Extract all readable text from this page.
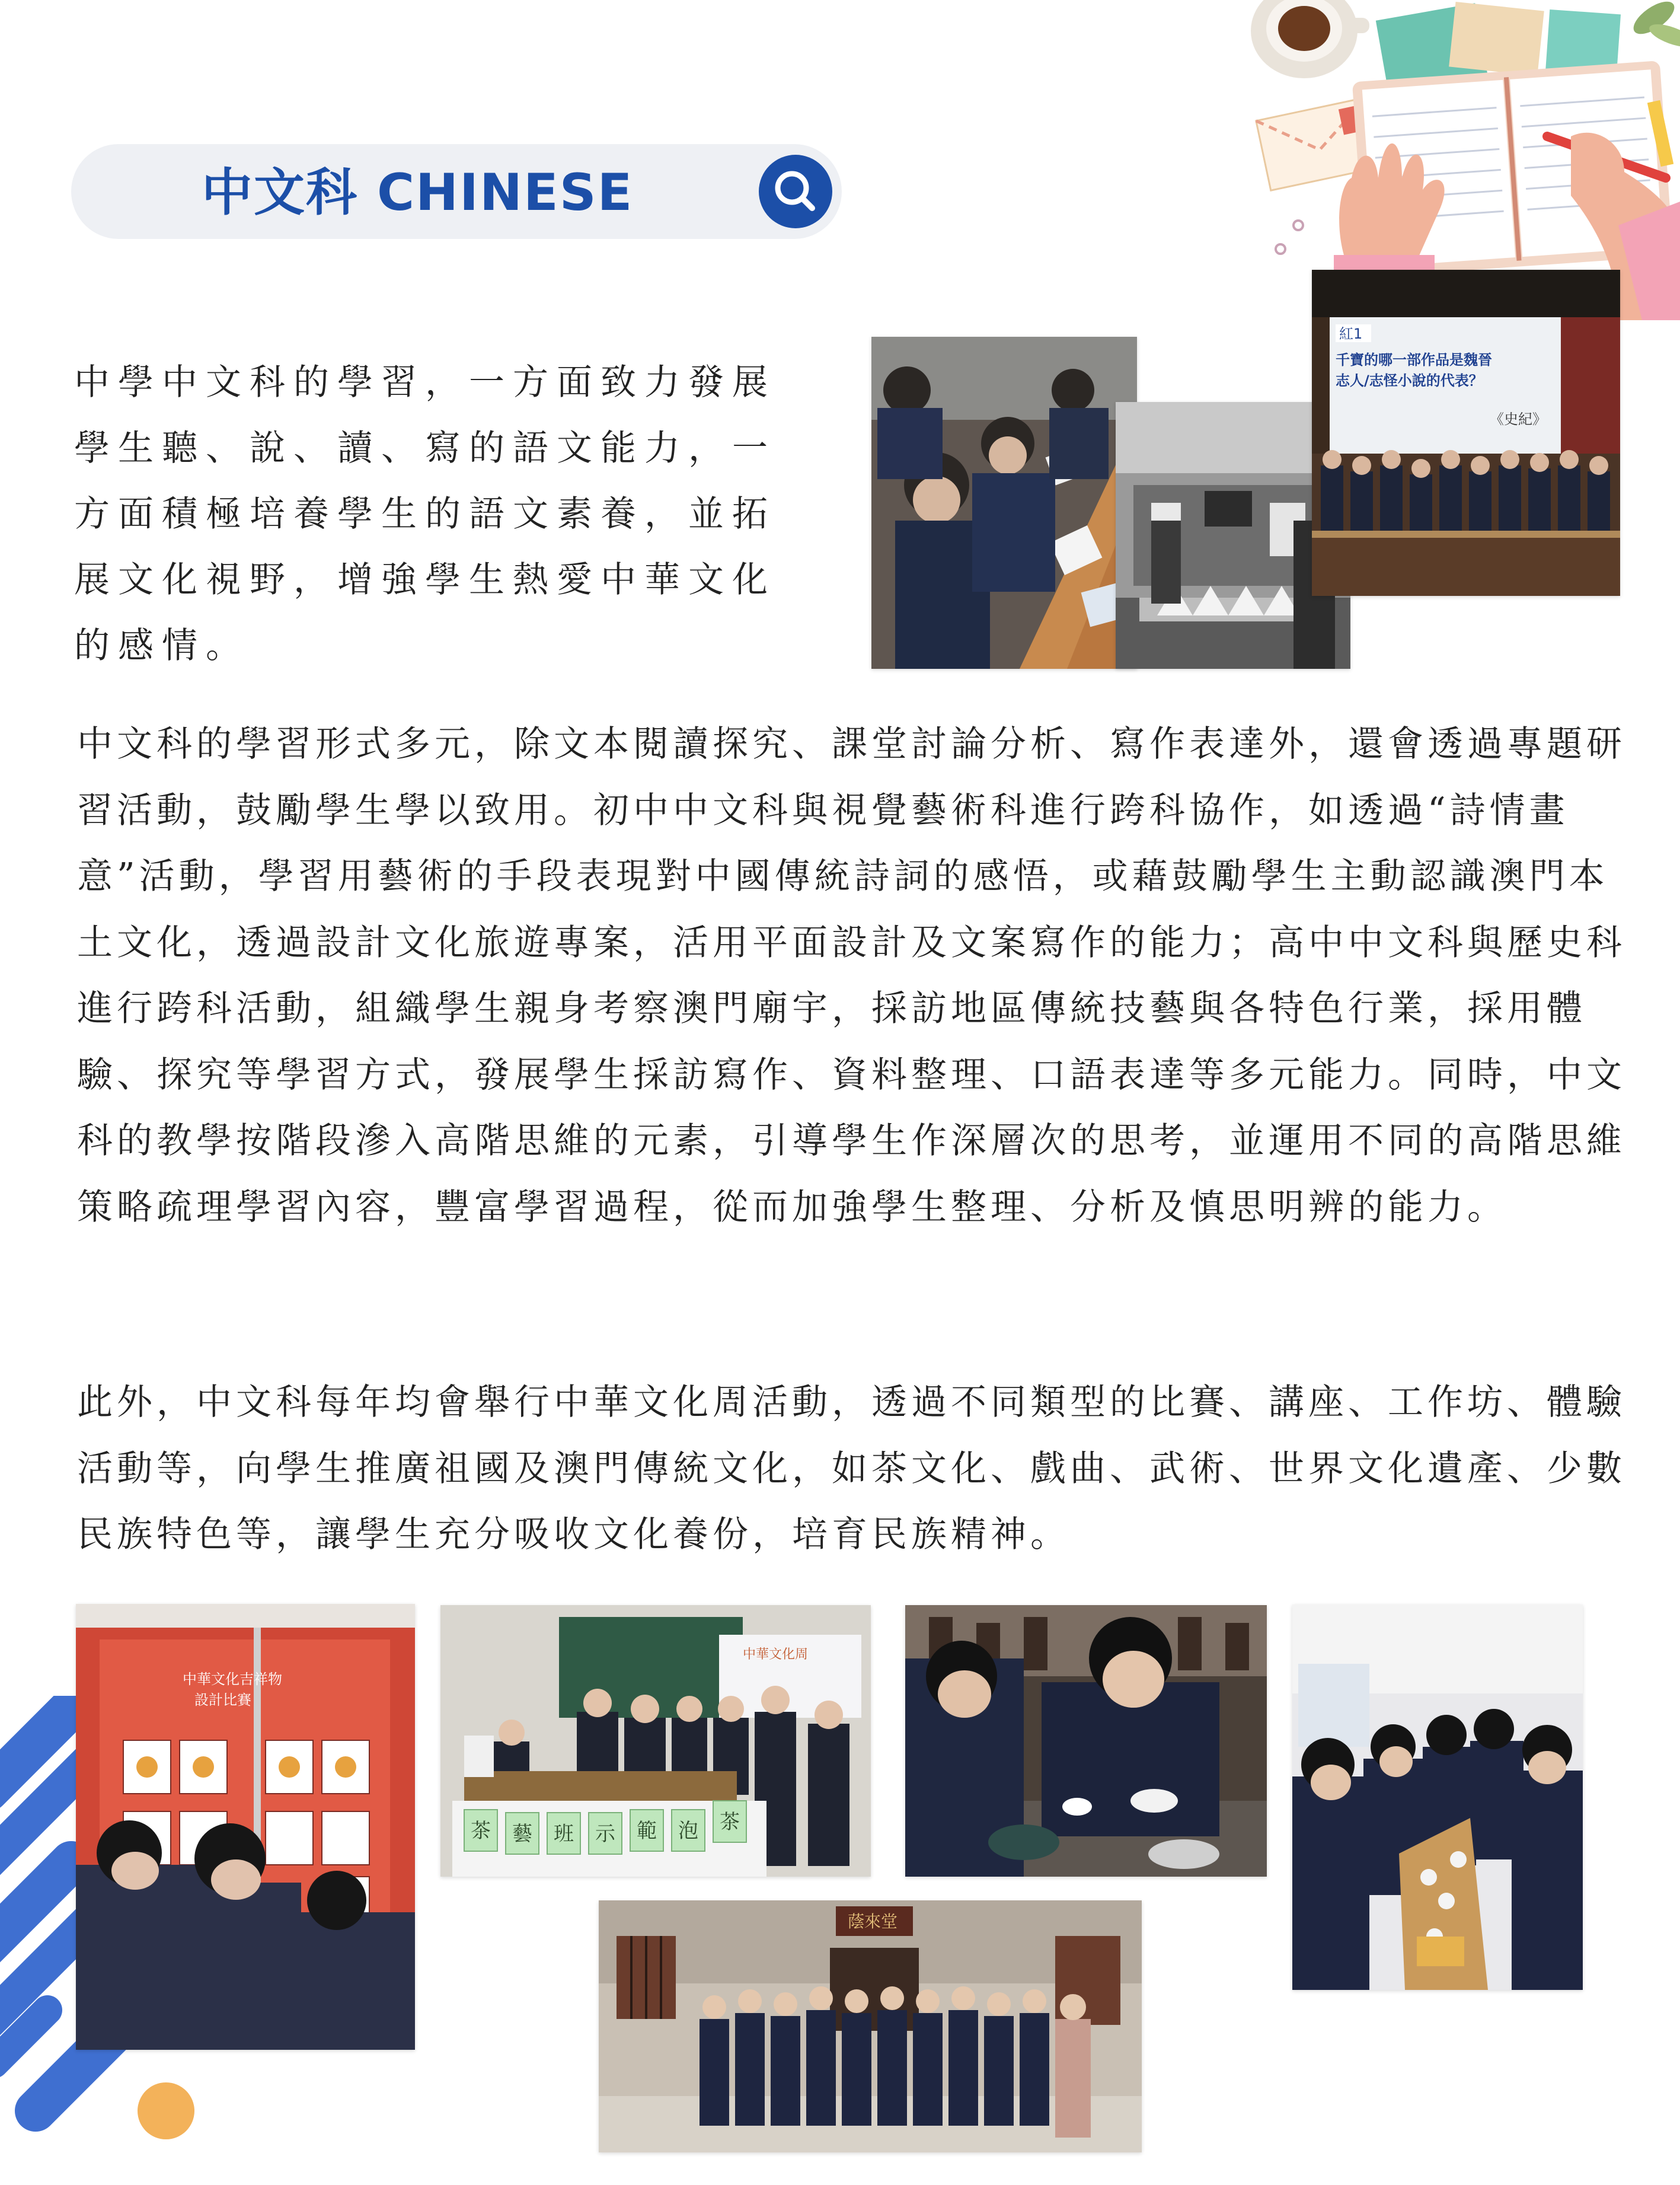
中文科 CHINESE
中學中文科的學習，一方面致力發展學生聽、說、讀、寫的語文能力，一方面積極培養學生的語文素養，並拓展文化視野，增強學生熱愛中華文化的感情。
紅1
千寶的哪一部作品是魏晉
志人/志怪小說的代表？
《史紀》
中文科的學習形式多元，除文本閱讀探究、課堂討論分析、寫作表達外，還會透過專題研習活動，鼓勵學生學以致用。初中中文科與視覺藝術科進行跨科協作，如透過“詩情畫意”活動，學習用藝術的手段表現對中國傳統詩詞的感悟，或藉鼓勵學生主動認識澳門本土文化，透過設計文化旅遊專案，活用平面設計及文案寫作的能力；高中中文科與歷史科進行跨科活動，組織學生親身考察澳門廟宇，採訪地區傳統技藝與各特色行業，採用體驗、探究等學習方式，發展學生採訪寫作、資料整理、口語表達等多元能力。同時，中文科的教學按階段滲入高階思維的元素，引導學生作深層次的思考，並運用不同的高階思維策略疏理學習內容，豐富學習過程，從而加強學生整理、分析及慎思明辨的能力。
此外，中文科每年均會舉行中華文化周活動，透過不同類型的比賽、講座、工作坊、體驗活動等，向學生推廣祖國及澳門傳統文化，如茶文化、戲曲、武術、世界文化遺產、少數民族特色等，讓學生充分吸收文化養份，培育民族精神。
中華文化吉祥物
設計比賽
中華文化周
茶 藝 班 示 範 泡 茶
蔭來堂
